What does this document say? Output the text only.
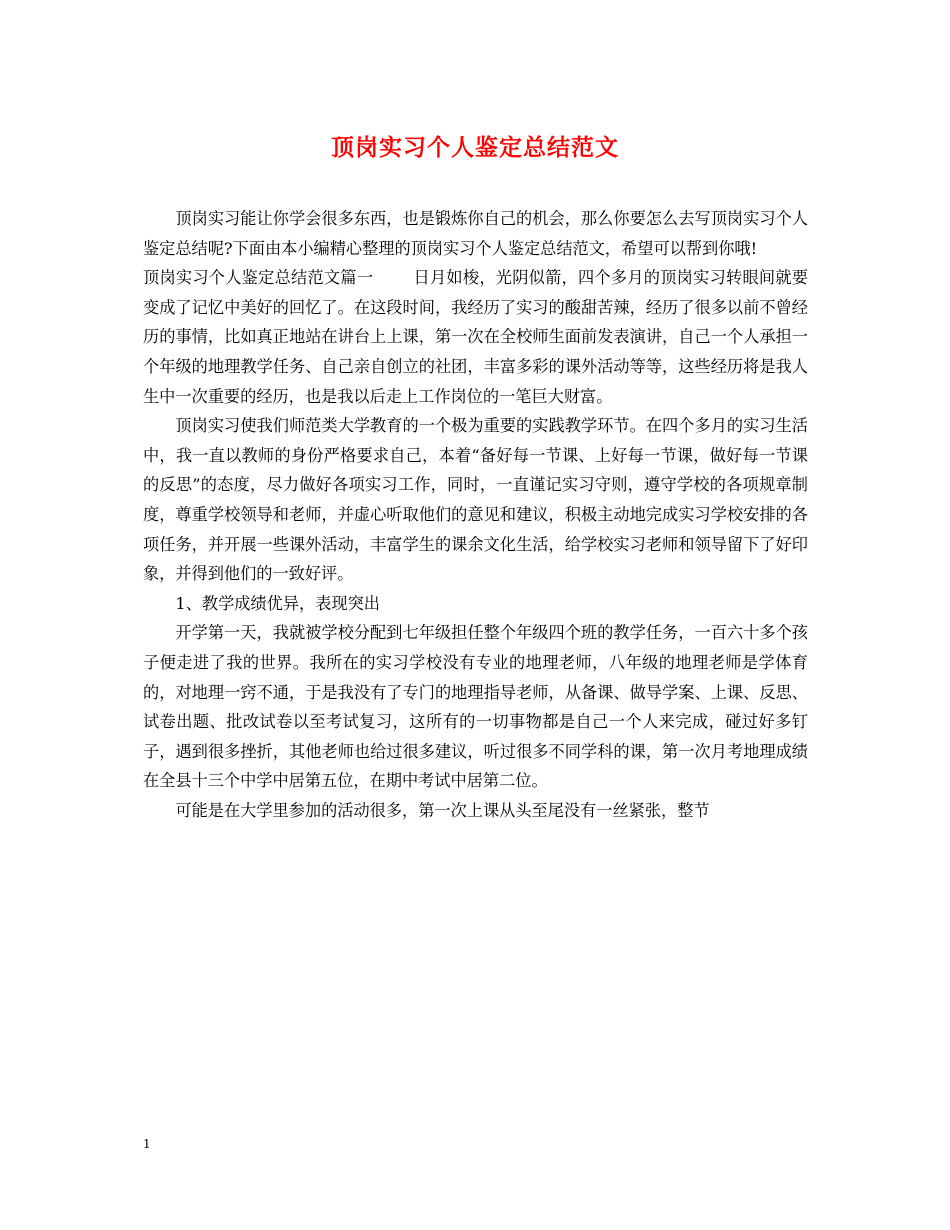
顶岗实习个人鉴定总结范文

顶岗实习能让你学会很多东西，也是锻炼你自己的机会，那么你要怎么去写顶岗实习个人鉴定总结呢?下面由本小编精心整理的顶岗实习个人鉴定总结范文，希望可以帮到你哦!

顶岗实习个人鉴定总结范文篇一 日月如梭，光阴似箭，四个多月的顶岗实习转眼间就要变成了记忆中美好的回忆了。在这段时间，我经历了实习的酸甜苦辣，经历了很多以前不曾经历的事情，比如真正地站在讲台上上课，第一次在全校师生面前发表演讲，自己一个人承担一个年级的地理教学任务、自己亲自创立的社团，丰富多彩的课外活动等等，这些经历将是我人生中一次重要的经历，也是我以后走上工作岗位的一笔巨大财富。

顶岗实习使我们师范类大学教育的一个极为重要的实践教学环节。在四个多月的实习生活中，我一直以教师的身份严格要求自己，本着“备好每一节课、上好每一节课，做好每一节课的反思”的态度，尽力做好各项实习工作，同时，一直谨记实习守则，遵守学校的各项规章制度，尊重学校领导和老师，并虚心听取他们的意见和建议，积极主动地完成实习学校安排的各项任务，并开展一些课外活动，丰富学生的课余文化生活，给学校实习老师和领导留下了好印象，并得到他们的一致好评。

1、教学成绩优异，表现突出

开学第一天，我就被学校分配到七年级担任整个年级四个班的教学任务，一百六十多个孩子便走进了我的世界。我所在的实习学校没有专业的地理老师，八年级的地理老师是学体育的，对地理一窍不通，于是我没有了专门的地理指导老师，从备课、做导学案、上课、反思、试卷出题、批改试卷以至考试复习，这所有的一切事物都是自己一个人来完成，碰过好多钉子，遇到很多挫折，其他老师也给过很多建议，听过很多不同学科的课，第一次月考地理成绩在全县十三个中学中居第五位，在期中考试中居第二位。

可能是在大学里参加的活动很多，第一次上课从头至尾没有一丝紧张，整节

1
